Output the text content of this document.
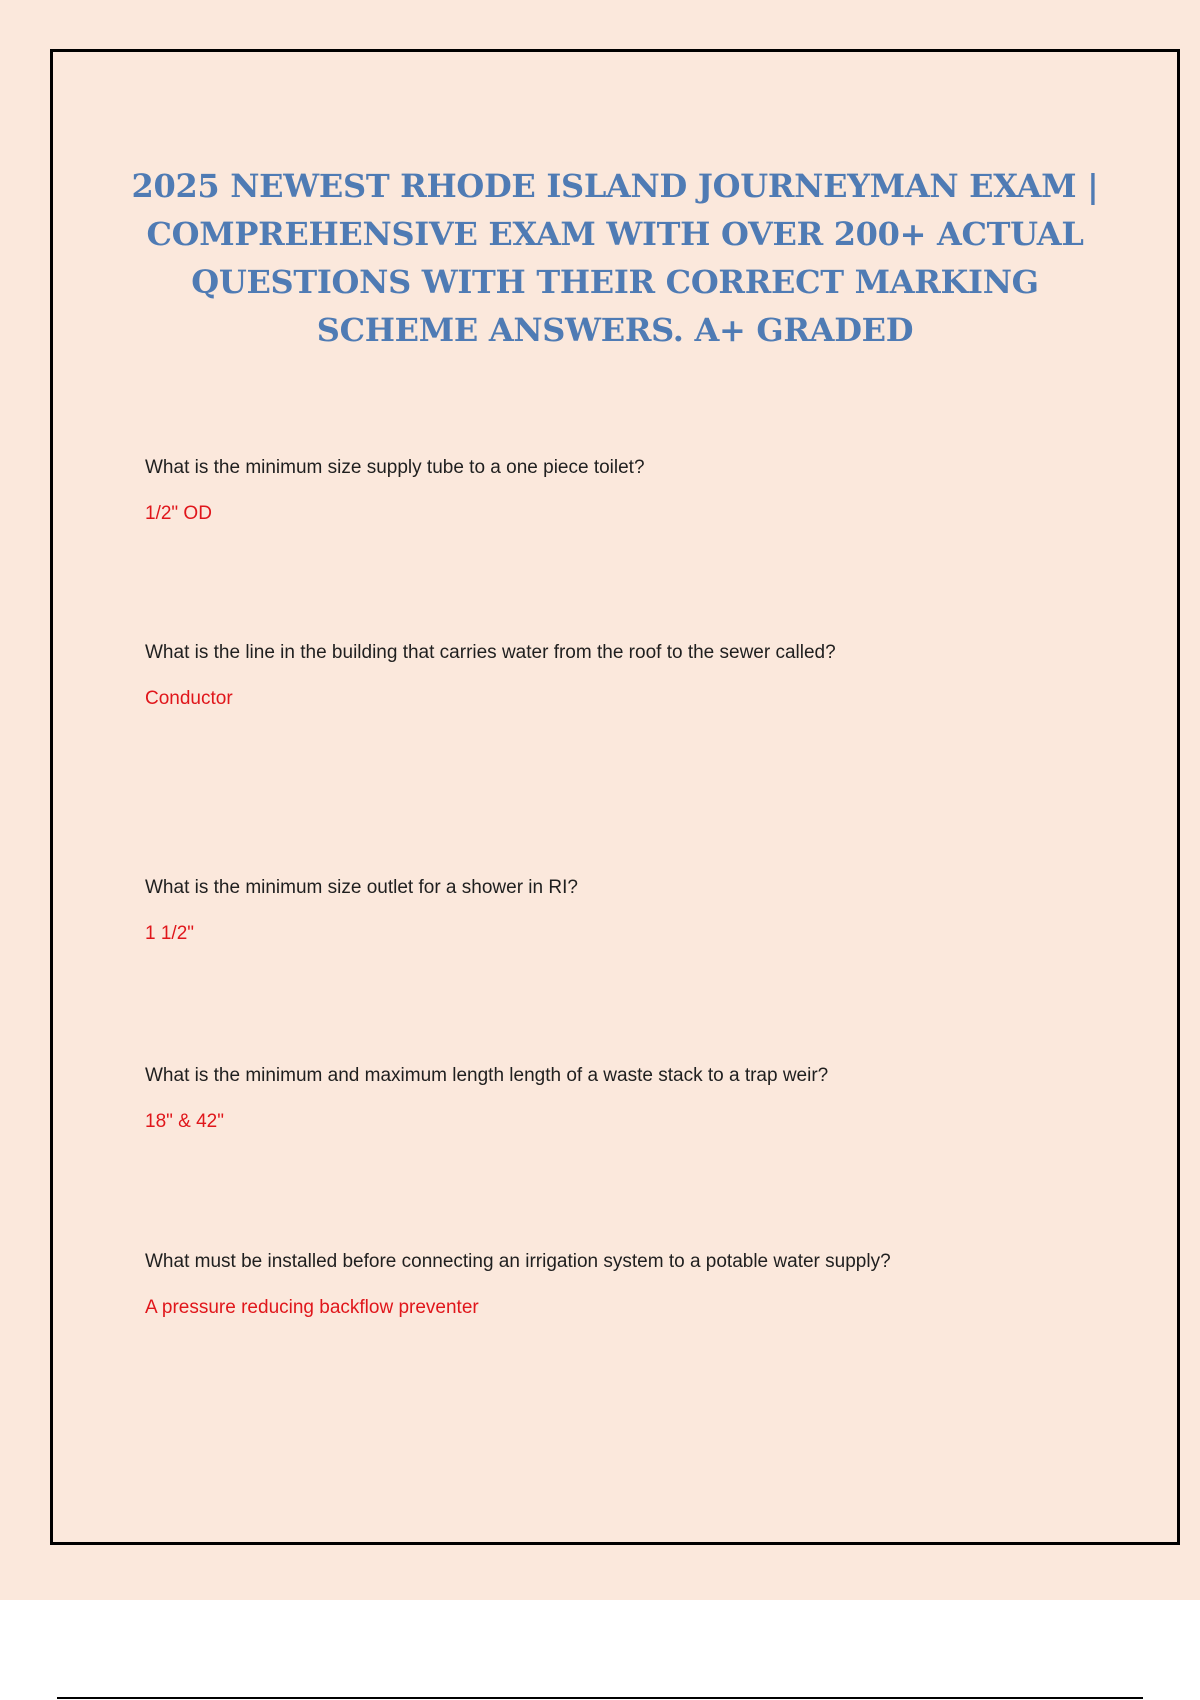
2025 NEWEST RHODE ISLAND JOURNEYMAN EXAM | COMPREHENSIVE EXAM WITH OVER 200+ ACTUAL QUESTIONS WITH THEIR CORRECT MARKING SCHEME ANSWERS. A+ GRADED

What is the minimum size supply tube to a one piece toilet?

1/2" OD

What is the line in the building that carries water from the roof to the sewer called?

Conductor

What is the minimum size outlet for a shower in RI?

1 1/2"

What is the minimum and maximum length length of a waste stack to a trap weir?

18" & 42"

What must be installed before connecting an irrigation system to a potable water supply?

A pressure reducing backflow preventer
